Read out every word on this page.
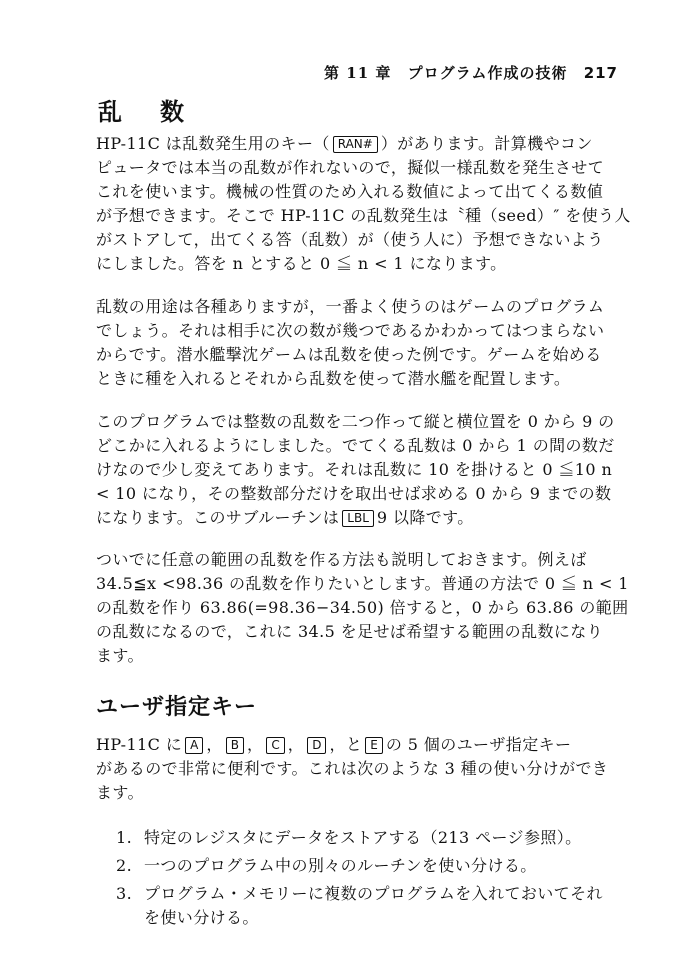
第 11 章 プログラム作成の技術 217
乱数
HP-11C は乱数発生用のキー（ RAN# ）があります。計算機やコン
ピュータでは本当の乱数が作れないので，擬似一様乱数を発生させて
これを使います。機械の性質のため入れる数値によって出てくる数値
が予想できます。そこで HP-11C の乱数発生は〝種（seed）″ を使う人
がストアして，出てくる答（乱数）が（使う人に）予想できないよう
にしました。答を n とすると 0 ≦ n < 1 になります。
乱数の用途は各種ありますが，一番よく使うのはゲームのプログラム
でしょう。それは相手に次の数が幾つであるかわかってはつまらない
からです。潜水艦撃沈ゲームは乱数を使った例です。ゲームを始める
ときに種を入れるとそれから乱数を使って潜水艦を配置します。
このプログラムでは整数の乱数を二つ作って縦と横位置を 0 から 9 の
どこかに入れるようにしました。でてくる乱数は 0 から 1 の間の数だ
けなので少し変えてあります。それは乱数に 10 を掛けると 0 ≦10 n
< 10 になり，その整数部分だけを取出せば求める 0 から 9 までの数
になります。このサブルーチンは LBL 9 以降です。
ついでに任意の範囲の乱数を作る方法も説明しておきます。例えば
34.5≦x <98.36 の乱数を作りたいとします。普通の方法で 0 ≦ n < 1
の乱数を作り 63.86(=98.36−34.50) 倍すると，0 から 63.86 の範囲
の乱数になるので，これに 34.5 を足せば希望する範囲の乱数になり
ます。
ユーザ指定キー
HP-11C に A ， B ， C ， D ，と E の 5 個のユーザ指定キー
があるので非常に便利です。これは次のような 3 種の使い分けができ
ます。
1. 特定のレジスタにデータをストアする（213 ページ参照）。
2. 一つのプログラム中の別々のルーチンを使い分ける。
3. プログラム・メモリーに複数のプログラムを入れておいてそれ
を使い分ける。
